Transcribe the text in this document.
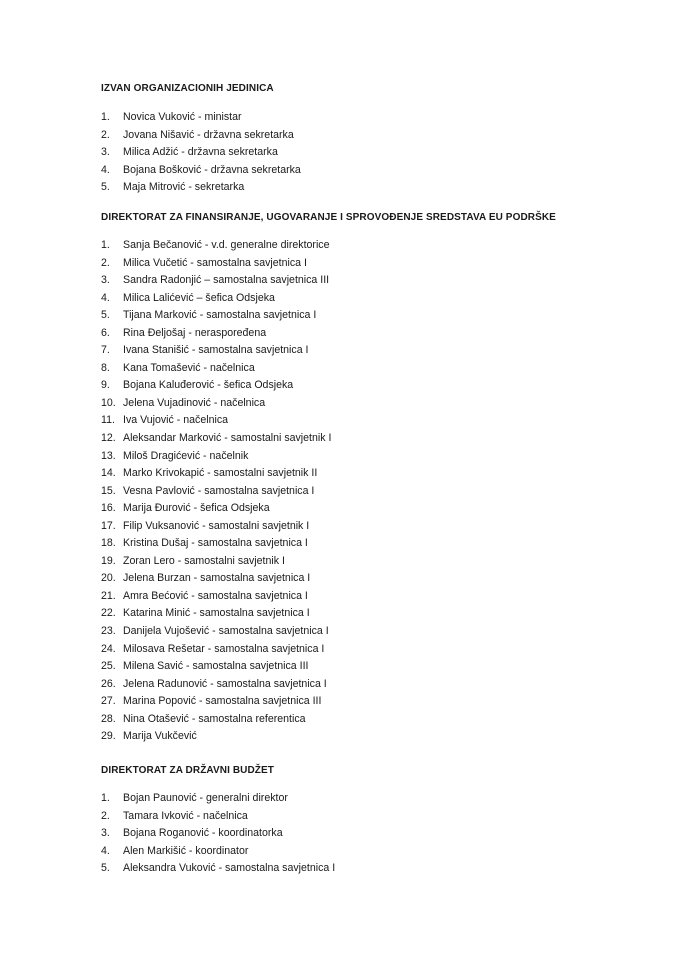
IZVAN ORGANIZACIONIH JEDINICA
1.	Novica Vuković - ministar
2.	Jovana Nišavić - državna sekretarka
3.	Milica Adžić - državna sekretarka
4.	Bojana Bošković - državna sekretarka
5.	Maja Mitrović - sekretarka
DIREKTORAT ZA FINANSIRANJE, UGOVARANJE I SPROVOĐENJE SREDSTAVA EU PODRŠKE
1.	Sanja Bečanović - v.d. generalne direktorice
2.	Milica Vučetić - samostalna savjetnica I
3.	Sandra Radonjić – samostalna savjetnica III
4.	Milica Lalićević – šefica Odsjeka
5.	Tijana Marković - samostalna savjetnica I
6.	Rina Đeljošaj - neraspoređena
7.	Ivana Stanišić - samostalna savjetnica I
8.	Kana Tomašević - načelnica
9.	Bojana Kaluđerović - šefica Odsjeka
10. Jelena Vujadinović - načelnica
11. Iva Vujović - načelnica
12. Aleksandar Marković - samostalni savjetnik I
13. Miloš Dragićević - načelnik
14. Marko Krivokapić - samostalni savjetnik II
15. Vesna Pavlović - samostalna savjetnica I
16. Marija Đurović - šefica Odsjeka
17. Filip Vuksanović - samostalni savjetnik I
18. Kristina Dušaj - samostalna savjetnica I
19. Zoran Lero - samostalni savjetnik I
20. Jelena Burzan - samostalna savjetnica I
21. Amra Bećović - samostalna savjetnica I
22. Katarina Minić - samostalna savjetnica I
23. Danijela Vujošević - samostalna savjetnica I
24. Milosava Rešetar - samostalna savjetnica I
25. Milena Savić - samostalna savjetnica III
26. Jelena Radunović - samostalna savjetnica I
27. Marina Popović - samostalna savjetnica III
28. Nina Otašević - samostalna referentica
29. Marija Vukčević
DIREKTORAT ZA DRŽAVNI BUDŽET
1.	Bojan Paunović - generalni direktor
2.	Tamara Ivković - načelnica
3.	Bojana Roganović - koordinatorka
4.	Alen Markišić - koordinator
5.	Aleksandra Vuković - samostalna savjetnica I
